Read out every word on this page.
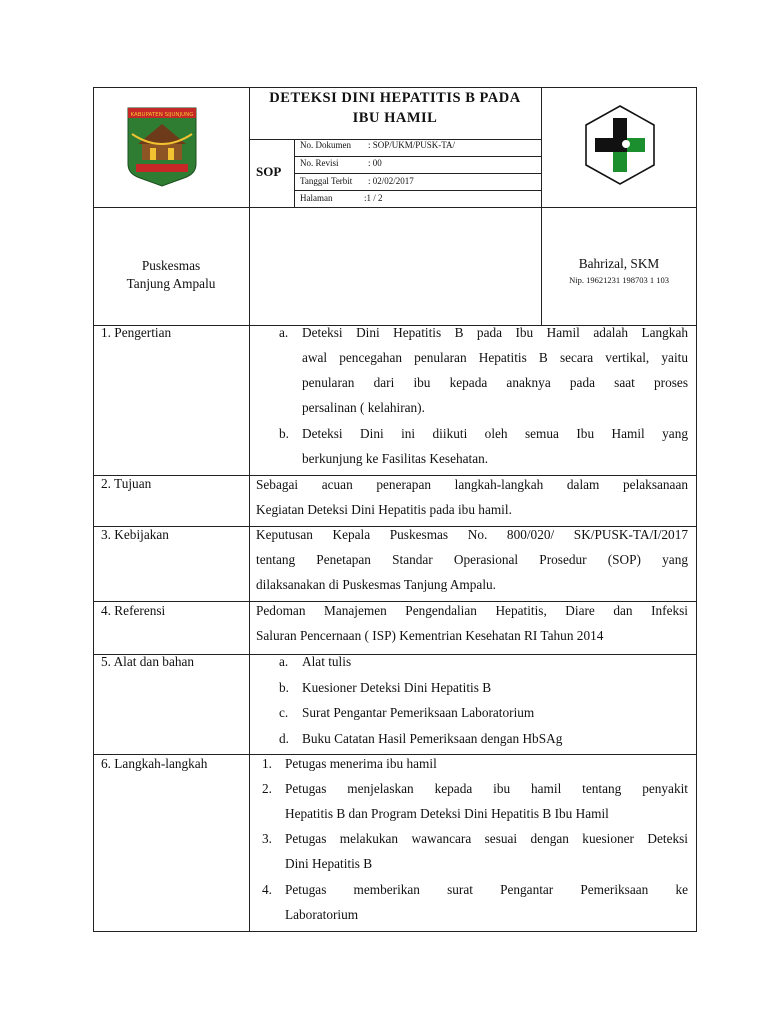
KABUPATEN SIJUNJUNG
DETEKSI DINI HEPATITIS B PADA
IBU HAMIL
SOP
No. Dokumen : SOP/UKM/PUSK-TA/
No. Revisi	: 00
Tanggal Terbit : 02/02/2017
Halaman	:1 / 2
Puskesmas
Tanjung Ampalu
Bahrizal, SKM
Nip. 19621231 198703 1 103
1. Pengertian	a. Deteksi Dini Hepatitis B pada Ibu Hamil adalah Langkah
awal pencegahan penularan Hepatitis B secara vertikal, yaitu
penularan dari ibu kepada anaknya pada saat proses
persalinan ( kelahiran).
b. Deteksi Dini ini diikuti oleh semua Ibu Hamil yang
berkunjung ke Fasilitas Kesehatan.
2. Tujuan	Sebagai acuan penerapan langkah-langkah dalam pelaksanaan
Kegiatan Deteksi Dini Hepatitis pada ibu hamil.
3. Kebijakan	Keputusan Kepala Puskesmas No. 800/020/ SK/PUSK-TA/I/2017
tentang Penetapan Standar Operasional Prosedur (SOP) yang
dilaksanakan di Puskesmas Tanjung Ampalu.
4. Referensi	Pedoman Manajemen Pengendalian Hepatitis, Diare dan Infeksi
Saluran Pencernaan ( ISP) Kementrian Kesehatan RI Tahun 2014
5. Alat dan bahan	a. Alat tulis
b. Kuesioner Deteksi Dini Hepatitis B
c. Surat Pengantar Pemeriksaan Laboratorium
d. Buku Catatan Hasil Pemeriksaan dengan HbSAg
6. Langkah-langkah	1. Petugas menerima ibu hamil
2. Petugas menjelaskan kepada ibu hamil tentang penyakit
Hepatitis B dan Program Deteksi Dini Hepatitis B Ibu Hamil
3. Petugas melakukan wawancara sesuai dengan kuesioner Deteksi
Dini Hepatitis B
4. Petugas memberikan surat Pengantar Pemeriksaan ke
Laboratorium
